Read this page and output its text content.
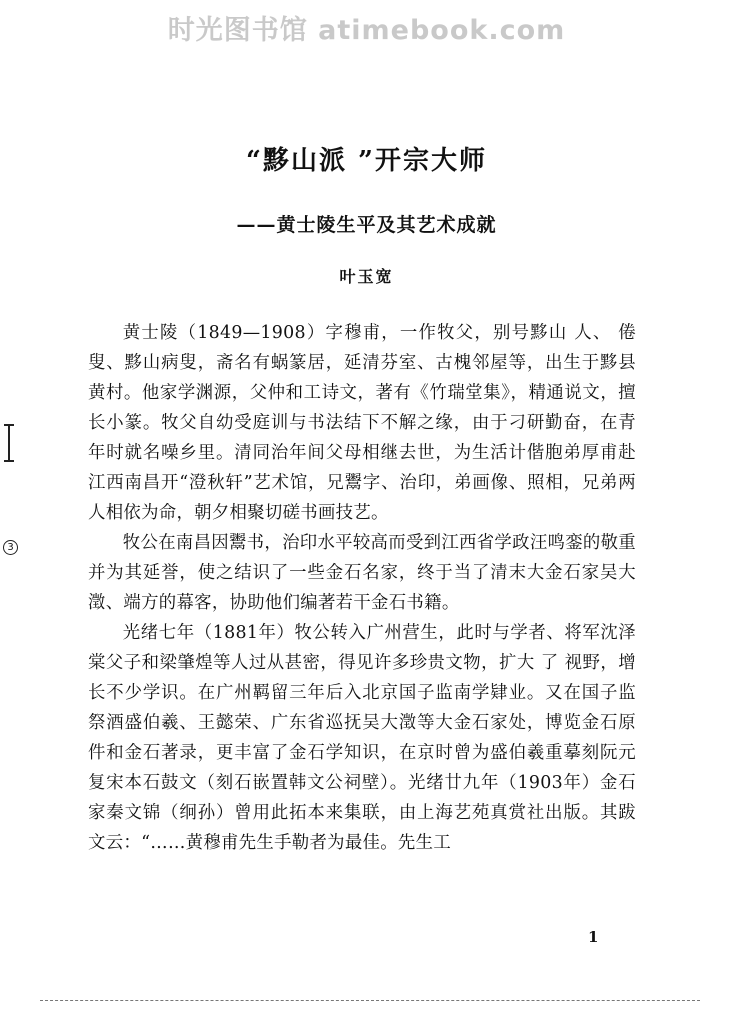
时光图书馆 atimebook.com
“黟山派 ”开宗大师
——黄士陵生平及其艺术成就
叶玉宽

黄士陵（1849—1908）字穆甫，一作牧父，别号黟山 人、 倦叟、黟山病叟，斋名有蜗篆居，延清芬室、古槐邻屋等，出生于黟县黄村。他家学渊源，父仲和工诗文，著有《竹瑞堂集》，精通说文，擅长小篆。牧父自幼受庭训与书法结下不解之缘，由于刁研勤奋，在青年时就名噪乡里。清同治年间父母相继去世，为生活计偕胞弟厚甫赴江西南昌开“澄秋轩”艺术馆，兄鬻字、治印，弟画像、照相，兄弟两人相依为命，朝夕相聚切磋书画技艺。

牧公在南昌因鬻书，治印水平较高而受到江西省学政汪鸣銮的敬重并为其延誉，使之结识了一些金石名家，终于当了清末大金石家吴大澂、端方的幕客，协助他们编著若干金石书籍。

光绪七年（1881年）牧公转入广州营生，此时与学者、将军沈泽棠父子和梁肇煌等人过从甚密，得见许多珍贵文物，扩大 了 视野，增长不少学识。在广州羁留三年后入北京国子监南学肄业。又在国子监祭酒盛伯羲、王懿荣、广东省巡抚吴大澂等大金石家处，博览金石原件和金石著录，更丰富了金石学知识，在京时曾为盛伯羲重摹刻阮元复宋本石鼓文（刻石嵌置韩文公祠壁）。光绪廿九年（1903年）金石家秦文锦（䌹孙）曾用此拓本来集联，由上海艺苑真赏社出版。其跋文云：“……黄穆甫先生手勒者为最佳。先生工

3
1
